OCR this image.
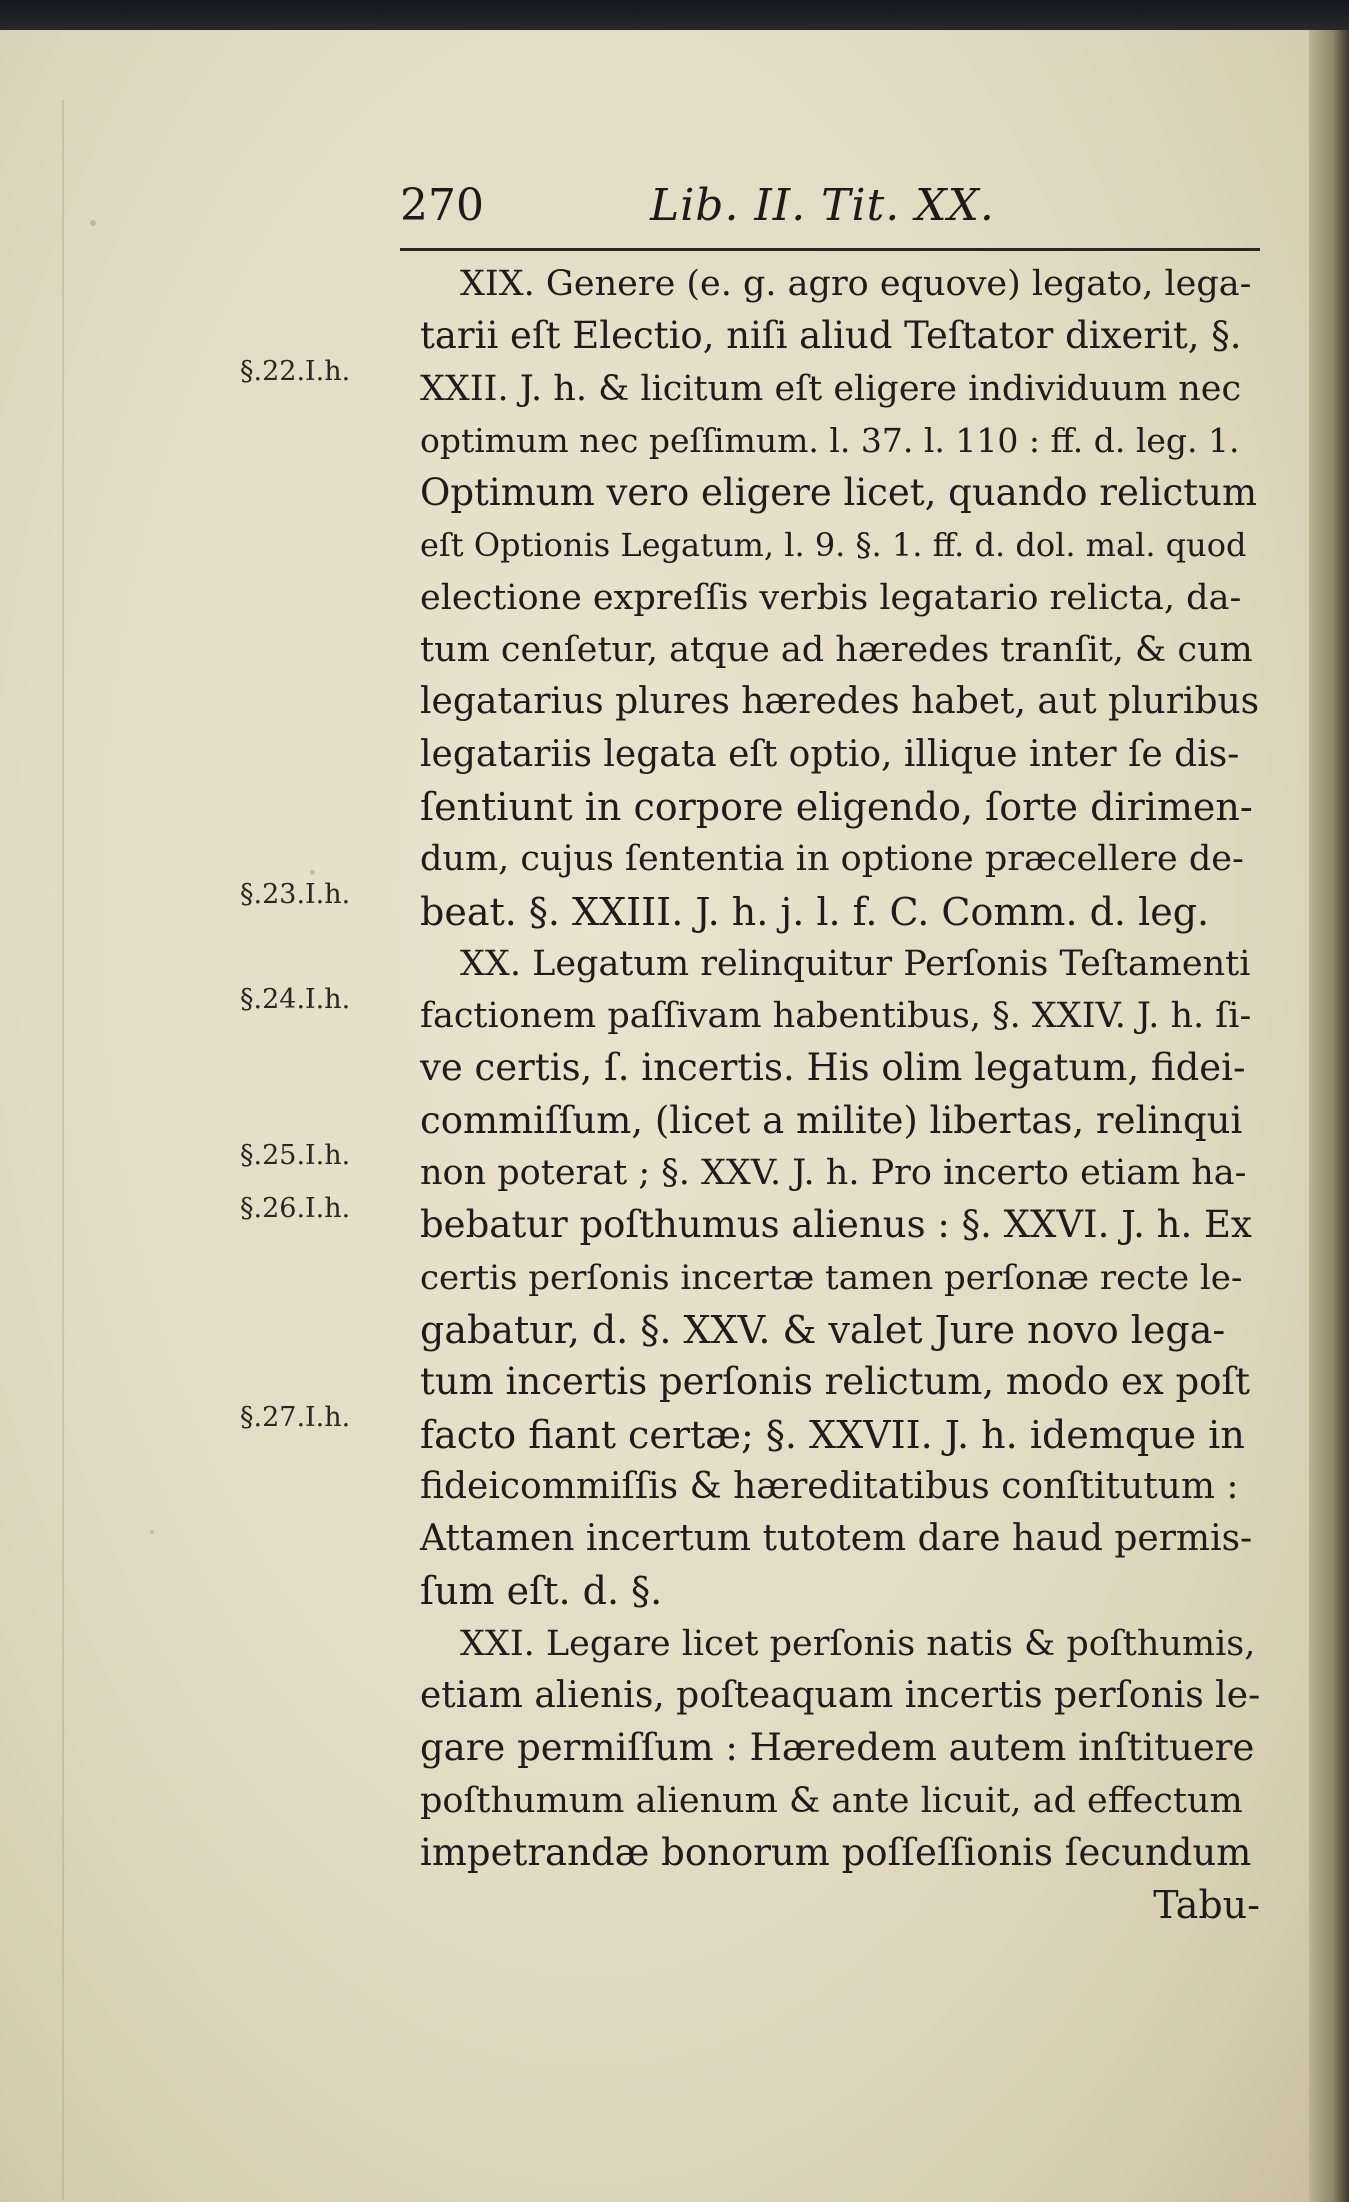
270	Lib. II. Tit. XX.
§.22.I.h.
§.23.I.h.
§.24.I.h.
§.25.I.h.
§.26.I.h.
§.27.I.h.
XIX. Genere (e. g. agro equove) legato, lega-
tarii eſt Electio, niſi aliud Teſtator dixerit, §.
XXII. J. h. & licitum eſt eligere individuum nec
optimum nec peſſimum. l. 37. l. 110 : ff. d. leg. 1.
Optimum vero eligere licet, quando relictum
eſt Optionis Legatum, l. 9. §. 1. ff. d. dol. mal. quod
electione expreſſis verbis legatario relicta, da-
tum cenſetur, atque ad hæredes tranſit, & cum
legatarius plures hæredes habet, aut pluribus
legatariis legata eſt optio, illique inter ſe dis-
ſentiunt in corpore eligendo, ſorte dirimen-
dum, cujus ſententia in optione præcellere de-
beat. §. XXIII. J. h. j. l. f. C. Comm. d. leg.
XX. Legatum relinquitur Perſonis Teſtamenti
factionem paſſivam habentibus, §. XXIV. J. h. ſi-
ve certis, ſ. incertis. His olim legatum, fidei-
commiſſum, (licet a milite) libertas, relinqui
non poterat ; §. XXV. J. h. Pro incerto etiam ha-
bebatur poſthumus alienus : §. XXVI. J. h. Ex
certis perſonis incertæ tamen perſonæ recte le-
gabatur, d. §. XXV. & valet Jure novo lega-
tum incertis perſonis relictum, modo ex poſt
facto fiant certæ; §. XXVII. J. h. idemque in
fideicommiſſis & hæreditatibus conſtitutum :
Attamen incertum tutotem dare haud permis-
ſum eſt. d. §.
XXI. Legare licet perſonis natis & poſthumis,
etiam alienis, poſteaquam incertis perſonis le-
gare permiſſum : Hæredem autem inſtituere
poſthumum alienum & ante licuit, ad effectum
impetrandæ bonorum poſſeſſionis ſecundum
Tabu-
